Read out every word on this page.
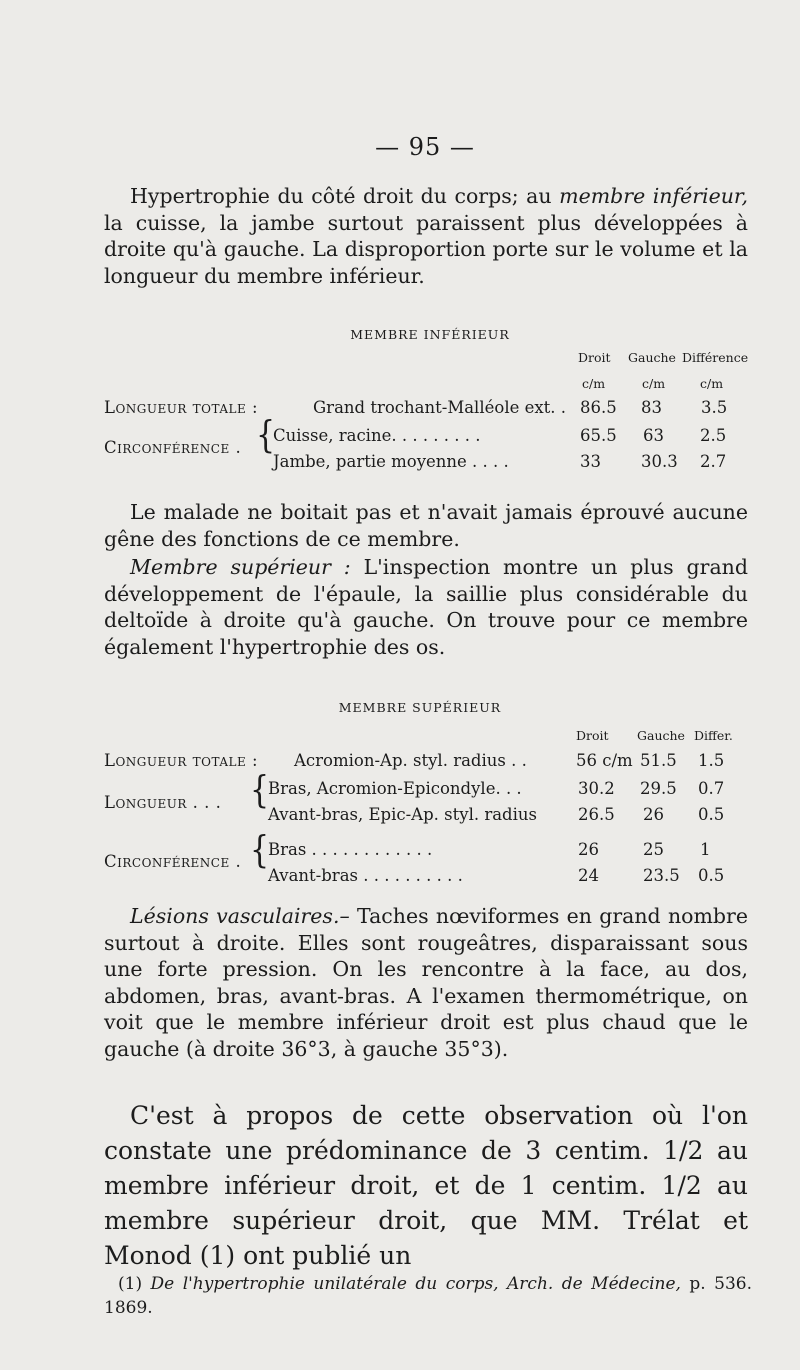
— 95 —
Hypertrophie du côté droit du corps; au membre inférieur, la cuisse, la jambe surtout paraissent plus développées à droite qu'à gauche. La disproportion porte sur le volume et la longueur du membre inférieur.
MEMBRE INFÉRIEUR
Droit Gauche Différence
c/m	c/m	c/m
Longueur totale :	Grand trochant-Malléole ext. . 86.5 83 3.5
Circonférence . {
Cuisse, racine. . . . . . . . .	65.5 63 2.5
Jambe, partie moyenne . . . .	33 30.3 2.7
Le malade ne boitait pas et n'avait jamais éprouvé aucune gêne des fonctions de ce membre.
Membre supérieur : L'inspection montre un plus grand développement de l'épaule, la saillie plus considérable du deltoïde à droite qu'à gauche. On trouve pour ce membre également l'hypertrophie des os.
MEMBRE SUPÉRIEUR
Droit Gauche Differ.
Longueur totale : Acromion-Ap. styl. radius . .	56 c/m 51.5 1.5
Longueur . . . {
Bras, Acromion-Epicondyle. . .	30.2 29.5 0.7
Avant-bras, Epic-Ap. styl. radius 26.5 26 0.5
Circonférence . {
Bras . . . . . . . . . . . .	26	25 1
Avant-bras . . . . . . . . . .	24	23.5 0.5
Lésions vasculaires.– Taches nœviformes en grand nombre surtout à droite. Elles sont rougeâtres, disparaissant sous une forte pression. On les rencontre à la face, au dos, abdomen, bras, avant-bras. A l'examen thermométrique, on voit que le membre inférieur droit est plus chaud que le gauche (à droite 36°3, à gauche 35°3).
C'est à propos de cette observation où l'on constate une prédominance de 3 centim. 1/2 au membre inférieur droit, et de 1 centim. 1/2 au membre supérieur droit, que MM. Trélat et Monod (1) ont publié un
(1) De l'hypertrophie unilatérale du corps, Arch. de Médecine, p. 536. 1869.
